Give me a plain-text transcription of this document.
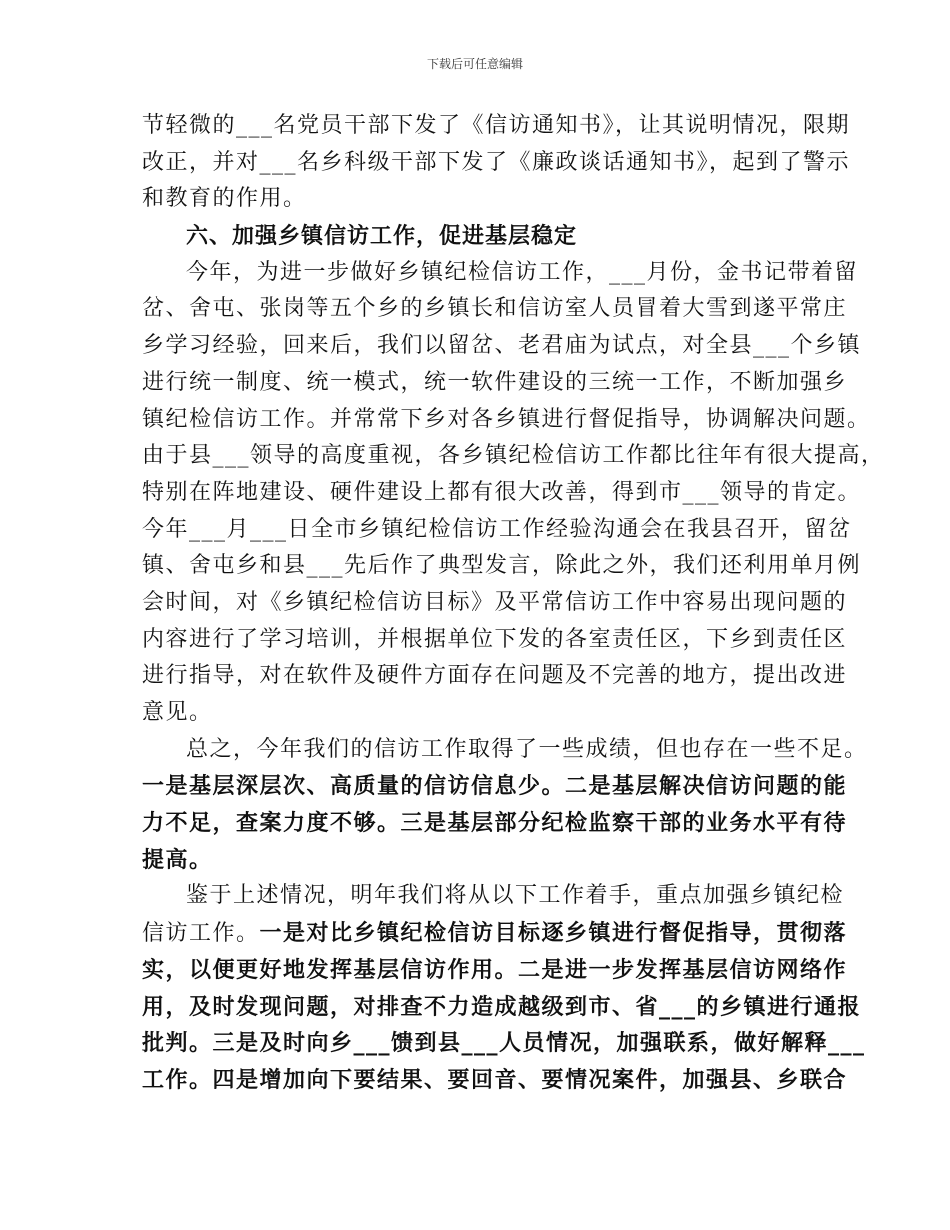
下载后可任意编辑
节轻微的___名党员干部下发了《信访通知书》，让其说明情况，限期
改正，并对___名乡科级干部下发了《廉政谈话通知书》，起到了警示
和教育的作用。
六、加强乡镇信访工作，促进基层稳定
今年，为进一步做好乡镇纪检信访工作，___月份，金书记带着留
岔、舍屯、张岗等五个乡的乡镇长和信访室人员冒着大雪到遂平常庄
乡学习经验，回来后，我们以留岔、老君庙为试点，对全县___个乡镇
进行统一制度、统一模式，统一软件建设的三统一工作，不断加强乡
镇纪检信访工作。并常常下乡对各乡镇进行督促指导，协调解决问题。
由于县___领导的高度重视，各乡镇纪检信访工作都比往年有很大提高，
特别在阵地建设、硬件建设上都有很大改善，得到市___领导的肯定。
今年___月___日全市乡镇纪检信访工作经验沟通会在我县召开，留岔
镇、舍屯乡和县___先后作了典型发言，除此之外，我们还利用单月例
会时间，对《乡镇纪检信访目标》及平常信访工作中容易出现问题的
内容进行了学习培训，并根据单位下发的各室责任区，下乡到责任区
进行指导，对在软件及硬件方面存在问题及不完善的地方，提出改进
意见。
总之，今年我们的信访工作取得了一些成绩，但也存在一些不足。
一是基层深层次、高质量的信访信息少。二是基层解决信访问题的能
力不足，查案力度不够。三是基层部分纪检监察干部的业务水平有待
提高。
鉴于上述情况，明年我们将从以下工作着手，重点加强乡镇纪检
信访工作。一是对比乡镇纪检信访目标逐乡镇进行督促指导，贯彻落
实，以便更好地发挥基层信访作用。二是进一步发挥基层信访网络作
用，及时发现问题，对排查不力造成越级到市、省___的乡镇进行通报
批判。三是及时向乡___馈到县___人员情况，加强联系，做好解释___
工作。四是增加向下要结果、要回音、要情况案件，加强县、乡联合
